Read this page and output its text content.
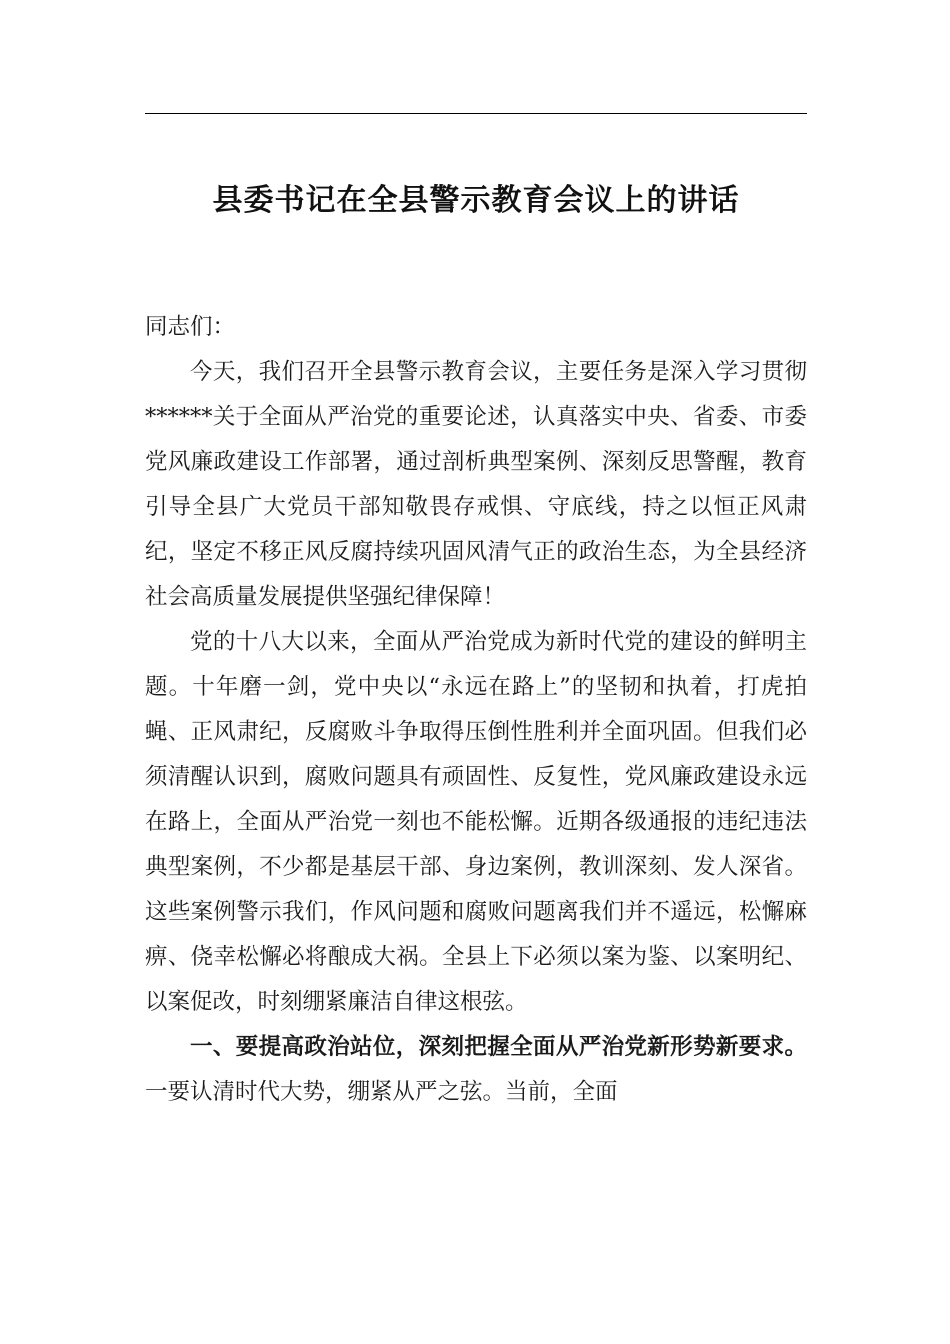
县委书记在全县警示教育会议上的讲话

同志们：

今天，我们召开全县警示教育会议，主要任务是深入学习贯彻******关于全面从严治党的重要论述，认真落实中央、省委、市委党风廉政建设工作部署，通过剖析典型案例、深刻反思警醒，教育引导全县广大党员干部知敬畏存戒惧、守底线，持之以恒正风肃纪，坚定不移正风反腐持续巩固风清气正的政治生态，为全县经济社会高质量发展提供坚强纪律保障！

党的十八大以来，全面从严治党成为新时代党的建设的鲜明主题。十年磨一剑，党中央以“永远在路上”的坚韧和执着，打虎拍蝇、正风肃纪，反腐败斗争取得压倒性胜利并全面巩固。但我们必须清醒认识到，腐败问题具有顽固性、反复性，党风廉政建设永远在路上，全面从严治党一刻也不能松懈。近期各级通报的违纪违法典型案例，不少都是基层干部、身边案例，教训深刻、发人深省。这些案例警示我们，作风问题和腐败问题离我们并不遥远，松懈麻痹、侥幸松懈必将酿成大祸。全县上下必须以案为鉴、以案明纪、以案促改，时刻绷紧廉洁自律这根弦。

一、要提高政治站位，深刻把握全面从严治党新形势新要求。一要认清时代大势，绷紧从严之弦。当前，全面
